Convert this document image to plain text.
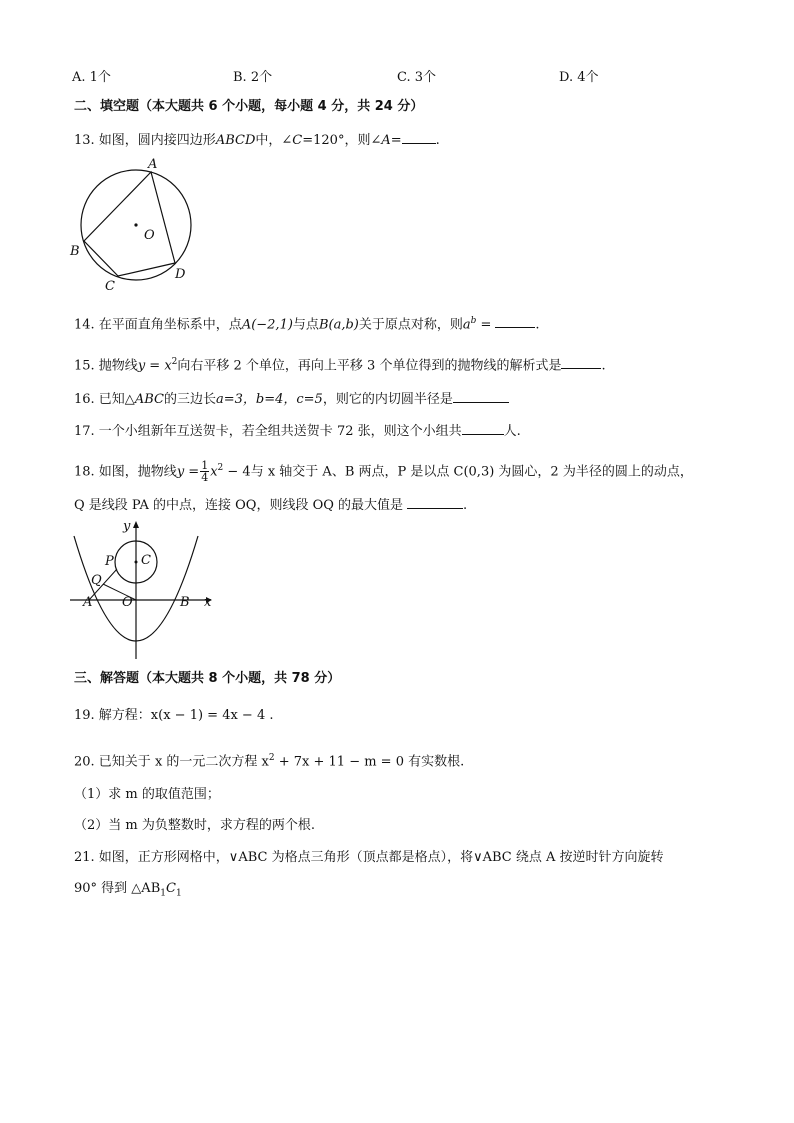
A. 1个	B. 2个	C. 3个	D. 4个
二、填空题（本大题共 6 个小题，每小题 4 分，共 24 分）
13. 如图，圆内接四边形ABCD中，∠C=120°，则∠A=	.
A
O
B
D
C
14. 在平面直角坐标系中，点A(−2,1)与点B(a,b)关于原点对称，则$a^b$ =	.
15. 抛物线$y = x^2$向右平移 2 个单位，再向上平移 3 个单位得到的抛物线的解析式是	.
16. 已知△ABC的三边长a=3，b=4，c=5，则它的内切圆半径是
17. 一个小组新年互送贺卡，若全组共送贺卡 72 张，则这个小组共	人.
18. 如图，抛物线$y = \frac{1}{4} x^2 - 4$与 x 轴交于 A、B 两点，P 是以点 C(0,3) 为圆心，2 为半径的圆上的动点，
Q 是线段 PA 的中点，连接 OQ，则线段 OQ 的最大值是	.
y
P C
Q
A O	B x
三、解答题（本大题共 8 个小题，共 78 分）
19. 解方程：x(x − 1) = 4x − 4 .
20. 已知关于 x 的一元二次方程 $x^2 + 7x + 11 - m = 0$ 有实数根.
（1）求 m 的取值范围；
（2）当 m 为负整数时，求方程的两个根.
21. 如图，正方形网格中，∨ABC 为格点三角形（顶点都是格点），将∨ABC 绕点 A 按逆时针方向旋转
90° 得到 $\triangle AB_1C_1$
